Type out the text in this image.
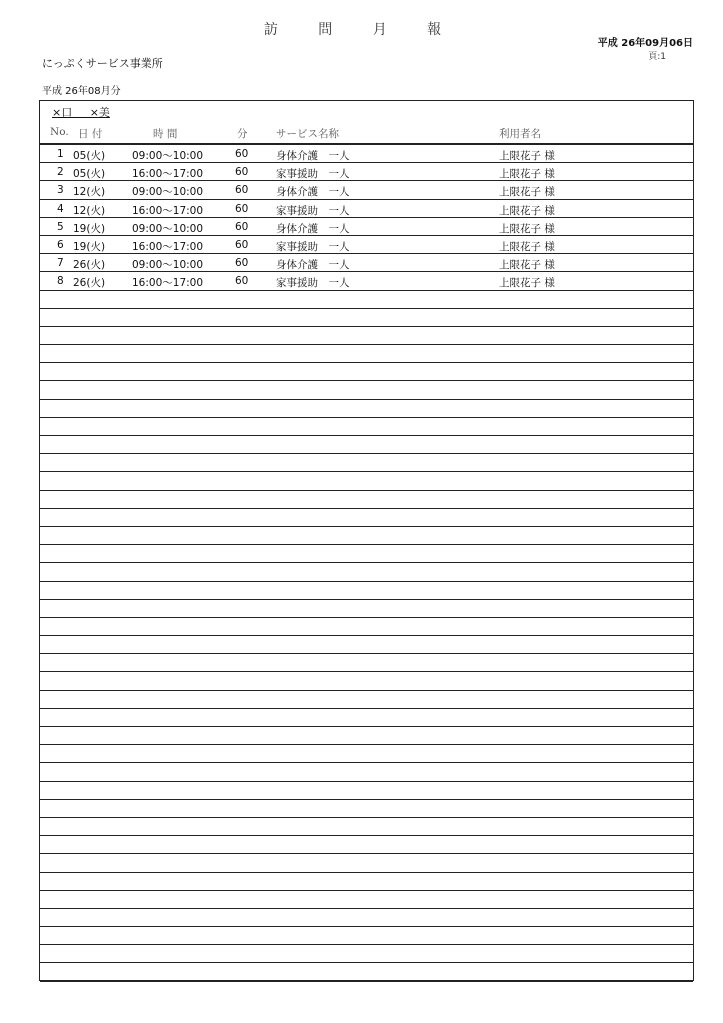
訪 問 月 報
平成 26年09月06日
頁:1
にっぷくサービス事業所
平成 26年08月分
×口 ×美
No. 日 付	時 間	分	サービス名称	利用者名
1 05(火)	09:00～10:00	60	身体介護　一人	上限花子 様
2 05(火)	16:00～17:00	60	家事援助　一人	上限花子 様
3 12(火)	09:00～10:00	60	身体介護　一人	上限花子 様
4 12(火)	16:00～17:00	60	家事援助　一人	上限花子 様
5 19(火)	09:00～10:00	60	身体介護　一人	上限花子 様
6 19(火)	16:00～17:00	60	家事援助　一人	上限花子 様
7 26(火)	09:00～10:00	60	身体介護　一人	上限花子 様
8 26(火)	16:00～17:00	60	家事援助　一人	上限花子 様
